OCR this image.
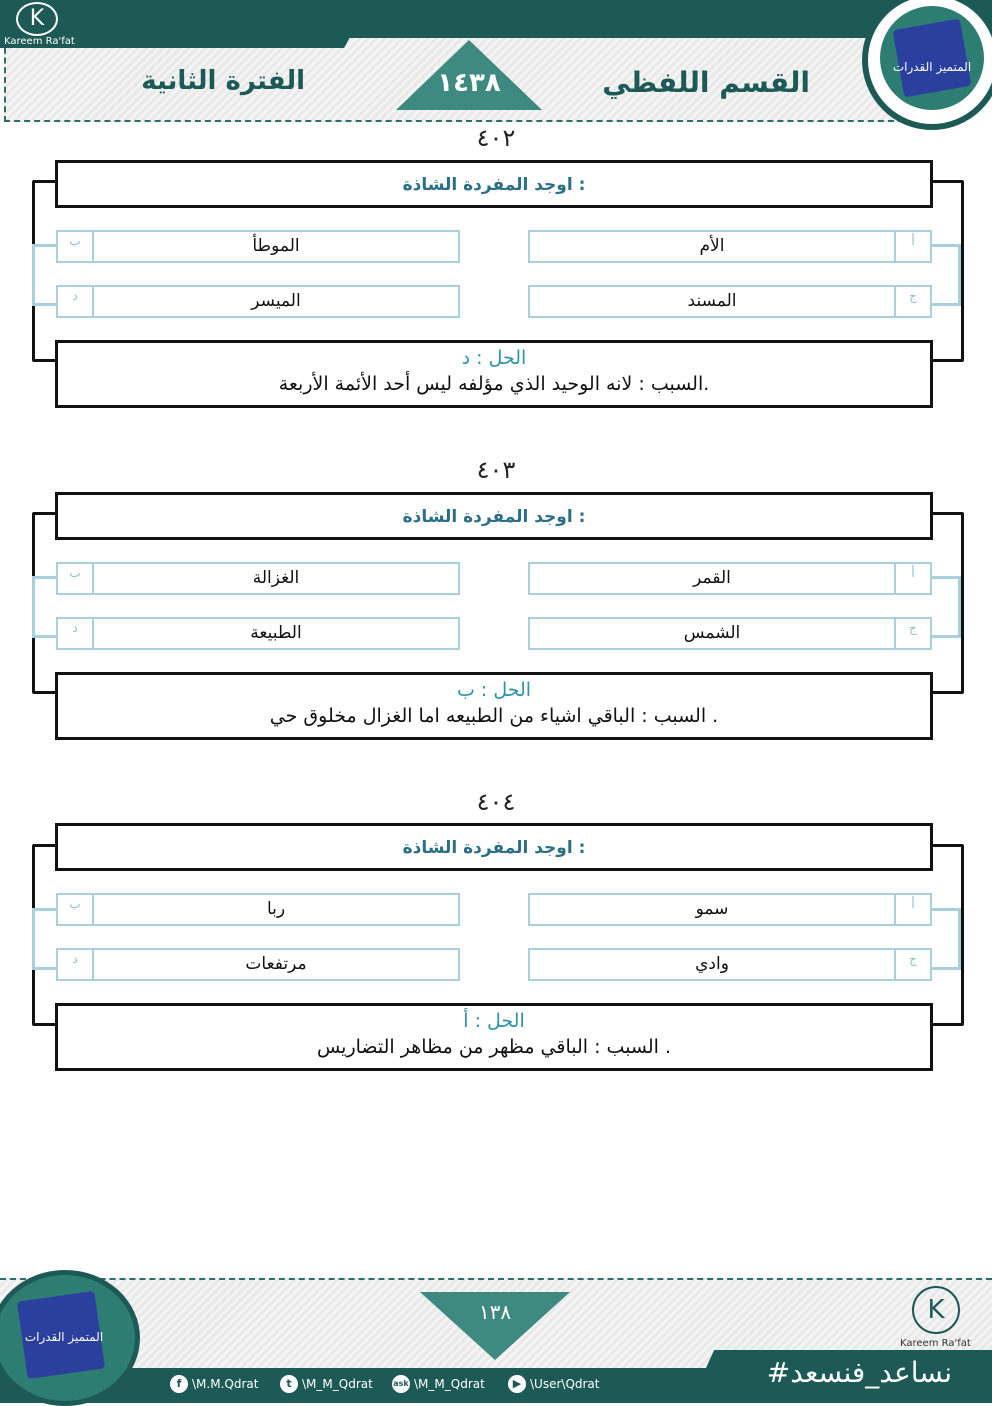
K
Kareem Ra'fat
القسم اللفظي
١٤٣٨
الفترة الثانية	المتميز القدرات
٤٠٢
اوجد المفردة الشاذة :
الأم	أ
ب	الموطأ
المسند	ج
د	الميسر
الحل : د
السبب : لانه الوحيد الذي مؤلفه ليس أحد الأئمة الأربعة.
٤٠٣
اوجد المفردة الشاذة :
القمر	أ
ب	الغزالة
الشمس	ج
د	الطبيعة
الحل : ب
السبب : الباقي اشياء من الطبيعه اما الغزال مخلوق حي .
٤٠٤
اوجد المفردة الشاذة :
سمو	أ
ب	ربا
وادي	ج
د	مرتفعات
الحل : أ
السبب : الباقي مظهر من مظاهر التضاريس .
المتميز القدرات
١٣٨	K
Kareem Ra'fat
f \M.M.Qdrat	t \M_M_Qdrat	ask \M_M_Qdrat	▶ \User\Qdrat	#نساعد_فنسعد
